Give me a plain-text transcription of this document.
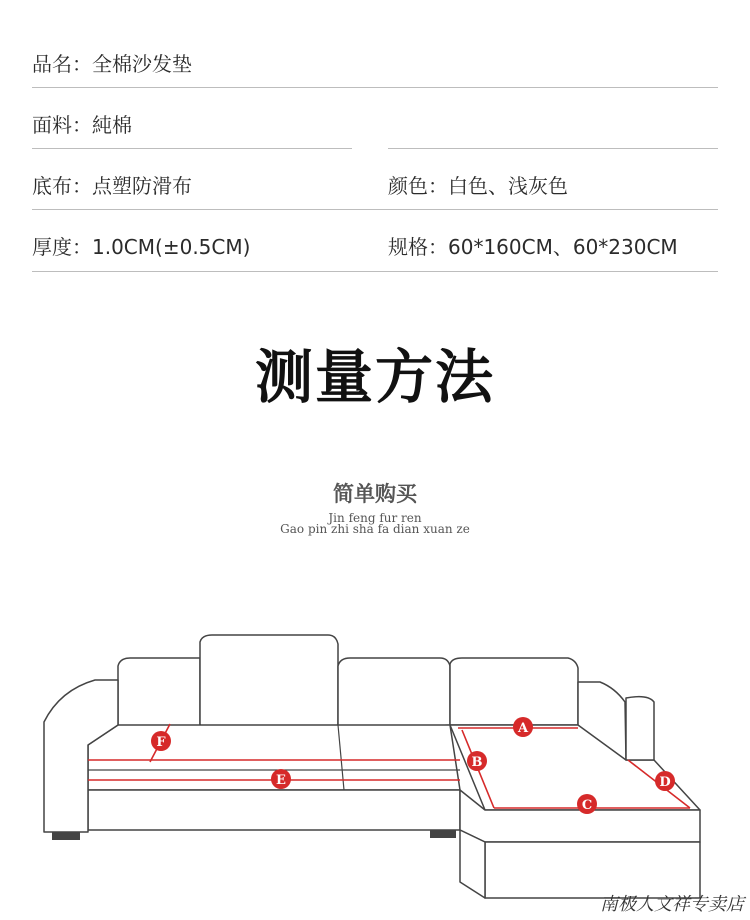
品名：全棉沙发垫
面料：純棉
底布：点塑防滑布	颜色：白色、浅灰色
厚度：1.0CM(±0.5CM)	规格：60*160CM、60*230CM
测量方法
简单购买
Jin feng fur ren
Gao pin zhi sha fa dian xuan ze
A
B
C
D
E
F
南极人文祥专卖店
